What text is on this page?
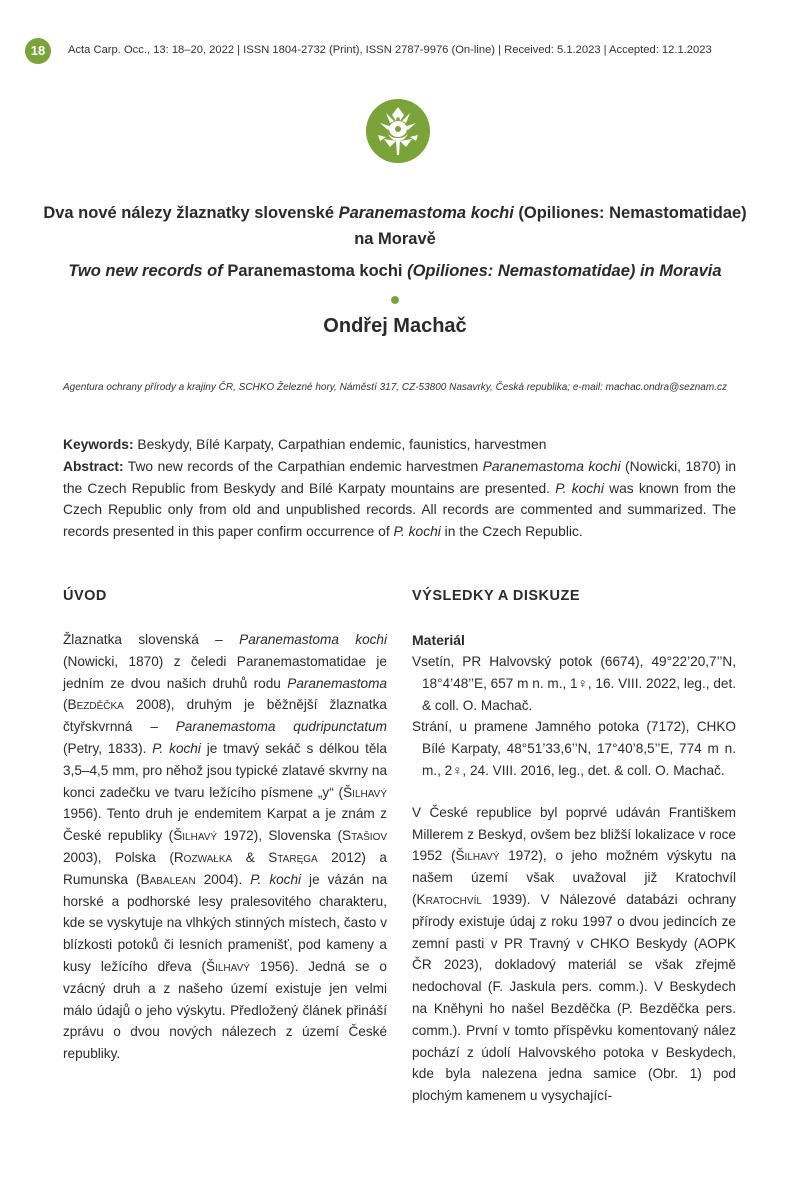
18	Acta Carp. Occ., 13: 18–20, 2022 | ISSN 1804-2732 (Print), ISSN 2787-9976 (On-line) | Received: 5.1.2023 | Accepted: 12.1.2023

Dva nové nálezy žlaznatky slovenské Paranemastoma kochi (Opiliones: Nemastomatidae) na Moravě

Two new records of Paranemastoma kochi (Opiliones: Nemastomatidae) in Moravia

Ondřej Machač

Agentura ochrany přírody a krajiny ČR, SCHKO Železné hory, Náměstí 317, CZ-53800 Nasavrky, Česká republika; e-mail: machac.ondra@seznam.cz

Keywords: Beskydy, Bílé Karpaty, Carpathian endemic, faunistics, harvestmen

Abstract: Two new records of the Carpathian endemic harvestmen Paranemastoma kochi (Nowicki, 1870) in the Czech Republic from Beskydy and Bílé Karpaty mountains are presented. P. kochi was known from the Czech Republic only from old and unpublished records. All records are commented and summarized. The records presented in this paper confirm occurrence of P. kochi in the Czech Republic.

ÚVOD

Žlaznatka slovenská – Paranemastoma kochi (Nowicki, 1870) z čeledi Paranemastomatidae je jedním ze dvou našich druhů rodu Paranemastoma (Bezděčka 2008), druhým je běžnější žlaznatka čtyřskvrnná – Paranemastoma qudripunctatum (Petry, 1833). P. kochi je tmavý sekáč s délkou těla 3,5–4,5 mm, pro něhož jsou typické zlatavé skvrny na konci zadečku ve tvaru ležícího písmene „y“ (Šilhavý 1956). Tento druh je endemitem Karpat a je znám z České republiky (Šilhavý 1972), Slovenska (Stašiov 2003), Polska (Rozwałka & Staręga 2012) a Rumunska (Babalean 2004). P. kochi je vázán na horské a podhorské lesy pralesovitého charakteru, kde se vyskytuje na vlhkých stinných místech, často v blízkosti potoků či lesních pramenišť, pod kameny a kusy ležícího dřeva (Šilhavý 1956). Jedná se o vzácný druh a z našeho území existuje jen velmi málo údajů o jeho výskytu. Předložený článek přináší zprávu o dvou nových nálezech z území České republiky.

VÝSLEDKY A DISKUZE
Materiál

Vsetín, PR Halvovský potok (6674), 49°22’20,7’’N, 18°4’48’’E, 657 m n. m., 1♀, 16. VIII. 2022, leg., det. & coll. O. Machač.

Strání, u pramene Jamného potoka (7172), CHKO Bílé Karpaty, 48°51’33,6’’N, 17°40’8,5’’E, 774 m n. m., 2♀, 24. VIII. 2016, leg., det. & coll. O. Machač.

V České republice byl poprvé udáván Františkem Millerem z Beskyd, ovšem bez bližší lokalizace v roce 1952 (Šilhavý 1972), o jeho možném výskytu na našem území však uvažoval již Kratochvíl (Kratochvíl 1939). V Nálezové databázi ochrany přírody existuje údaj z roku 1997 o dvou jedincích ze zemní pasti v PR Travný v CHKO Beskydy (AOPK ČR 2023), dokladový materiál se však zřejmě nedochoval (F. Jaskula pers. comm.). V Beskydech na Kněhyni ho našel Bezděčka (P. Bezděčka pers. comm.). První v tomto příspěvku komentovaný nález pochází z údolí Halvovského potoka v Beskydech, kde byla nalezena jedna samice (Obr. 1) pod plochým kamenem u vysychající-
